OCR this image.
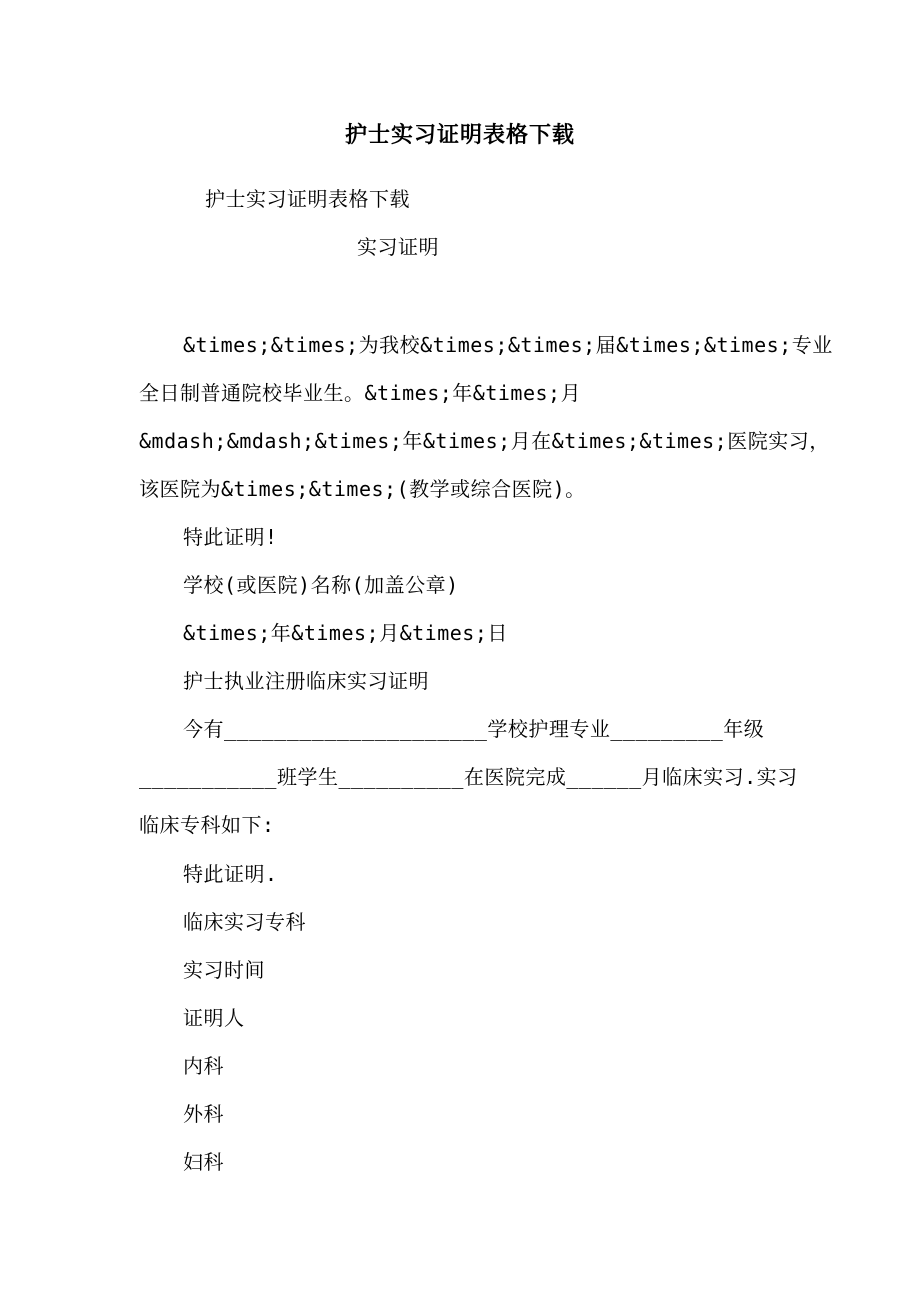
护士实习证明表格下载
护士实习证明表格下载
实习证明
&times;&times;为我校&times;&times;届&times;&times;专业
全日制普通院校毕业生。&times;年&times;月
&mdash;&mdash;&times;年&times;月在&times;&times;医院实习，
该医院为&times;&times;(教学或综合医院)。
特此证明!
学校(或医院)名称(加盖公章)
&times;年&times;月&times;日
护士执业注册临床实习证明
今有_____________________学校护理专业_________年级
___________班学生__________在医院完成______月临床实习.实习
临床专科如下:
特此证明.
临床实习专科
实习时间
证明人
内科
外科
妇科
